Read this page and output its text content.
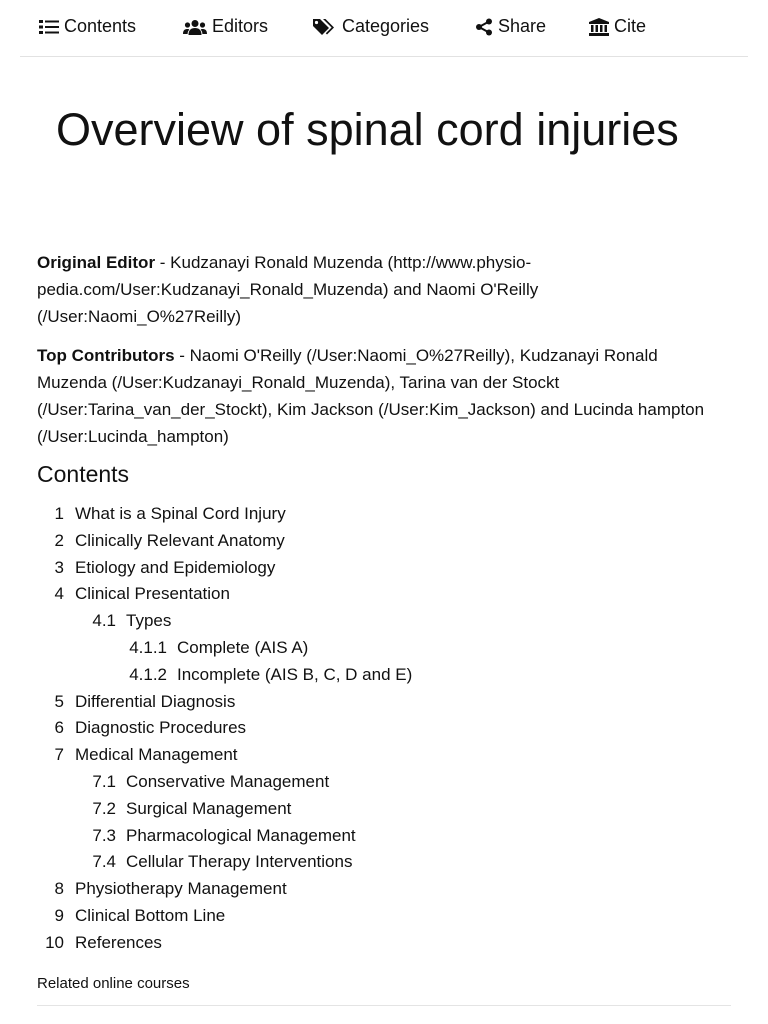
Contents	Editors	Categories	Share	Cite
Overview of spinal cord injuries

Original Editor - Kudzanayi Ronald Muzenda (http://www.physio-pedia.com/User:Kudzanayi_Ronald_Muzenda) and Naomi O'Reilly (/User:Naomi_O%27Reilly)

Top Contributors - Naomi O'Reilly (/User:Naomi_O%27Reilly), Kudzanayi Ronald Muzenda (/User:Kudzanayi_Ronald_Muzenda), Tarina van der Stockt (/User:Tarina_van_der_Stockt), Kim Jackson (/User:Kim_Jackson) and Lucinda hampton (/User:Lucinda_hampton)

Contents
1 What is a Spinal Cord Injury
2 Clinically Relevant Anatomy
3 Etiology and Epidemiology
4 Clinical Presentation
4.1 Types
4.1.1 Complete (AIS A)
4.1.2 Incomplete (AIS B, C, D and E)
5 Differential Diagnosis
6 Diagnostic Procedures
7 Medical Management
7.1 Conservative Management
7.2 Surgical Management
7.3 Pharmacological Management
7.4 Cellular Therapy Interventions
8 Physiotherapy Management
9 Clinical Bottom Line
10 References
Related online courses
